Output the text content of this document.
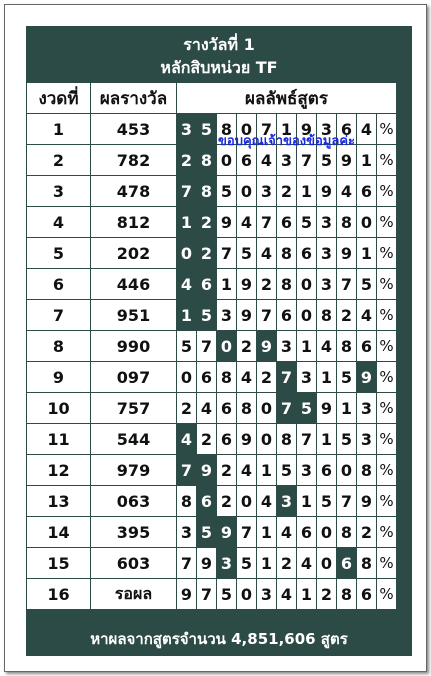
รางวัลที่ 1
หลักสิบหน่วย TF
งวดที่	ผลรางวัล	ผลลัพธ์สูตร										
1	453	3	5	8	0	7	1	9	3	6	4	%
2	782	2	8	0	6	4	3	7	5	9	1	%
3	478	7	8	5	0	3	2	1	9	4	6	%
4	812	1	2	9	4	7	6	5	3	8	0	%
5	202	0	2	7	5	4	8	6	3	9	1	%
6	446	4	6	1	9	2	8	0	3	7	5	%
7	951	1	5	3	9	7	6	0	8	2	4	%
8	990	5	7	0	2	9	3	1	4	8	6	%
9	097	0	6	8	4	2	7	3	1	5	9	%
10	757	2	4	6	8	0	7	5	9	1	3	%
11	544	4	2	6	9	0	8	7	1	5	3	%
12	979	7	9	2	4	1	5	3	6	0	8	%
13	063	8	6	2	0	4	3	1	5	7	9	%
14	395	3	5	9	7	1	4	6	0	8	2	%
15	603	7	9	3	5	1	2	4	0	6	8	%
16	รอผล	9	7	5	0	3	4	1	2	8	6	%
หาผลจากสูตรจำนวน 4,851,606 สูตร
ขอบคุณเจ้าของข้อมูลค่ะ
